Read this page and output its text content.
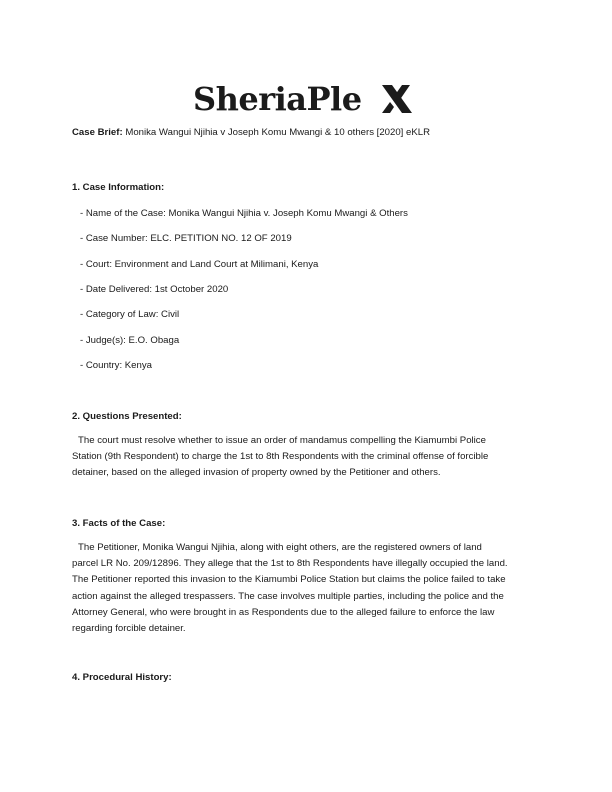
SheriaPle
Case Brief: Monika Wangui Njihia v Joseph Komu Mwangi & 10 others [2020] eKLR
1. Case Information:
- Name of the Case: Monika Wangui Njihia v. Joseph Komu Mwangi & Others
- Case Number: ELC. PETITION NO. 12 OF 2019
- Court: Environment and Land Court at Milimani, Kenya
- Date Delivered: 1st October 2020
- Category of Law: Civil
- Judge(s): E.O. Obaga
- Country: Kenya
2. Questions Presented:
The court must resolve whether to issue an order of mandamus compelling the Kiamumbi Police
Station (9th Respondent) to charge the 1st to 8th Respondents with the criminal offense of forcible
detainer, based on the alleged invasion of property owned by the Petitioner and others.
3. Facts of the Case:
The Petitioner, Monika Wangui Njihia, along with eight others, are the registered owners of land
parcel LR No. 209/12896. They allege that the 1st to 8th Respondents have illegally occupied the land.
The Petitioner reported this invasion to the Kiamumbi Police Station but claims the police failed to take
action against the alleged trespassers. The case involves multiple parties, including the police and the
Attorney General, who were brought in as Respondents due to the alleged failure to enforce the law
regarding forcible detainer.
4. Procedural History:
